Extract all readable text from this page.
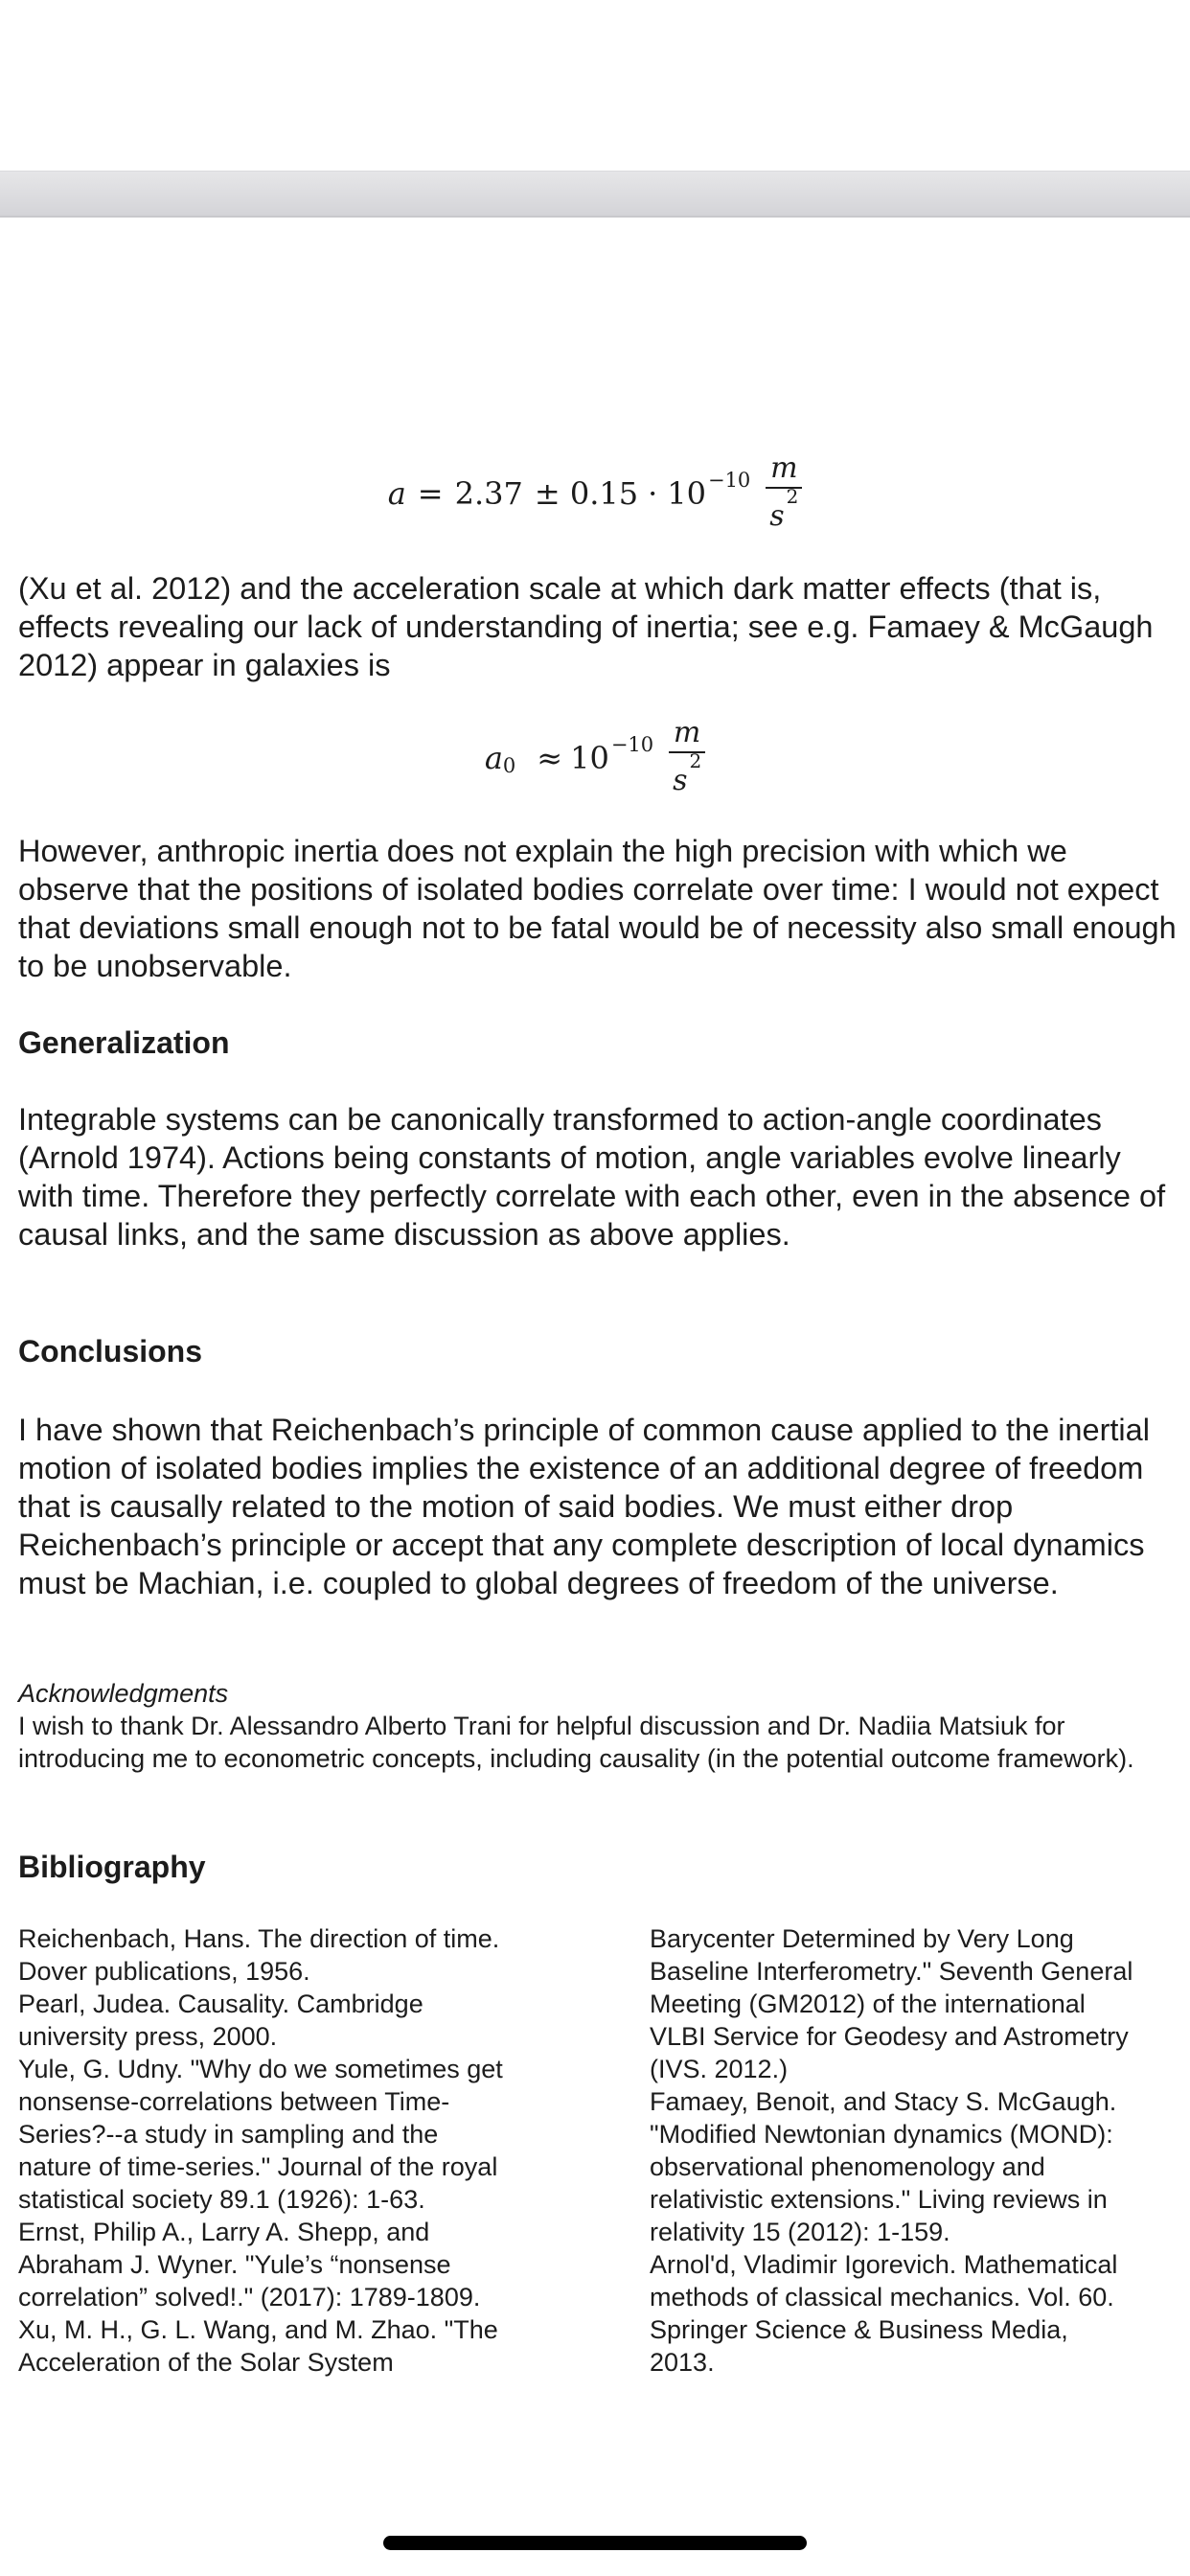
$a = 2.37 \pm 0.15 \cdot 10^{-10} \frac{m}{s^2}$

(Xu et al. 2012) and the acceleration scale at which dark matter effects (that is, effects revealing our lack of understanding of inertia; see e.g. Famaey & McGaugh 2012) appear in galaxies is

$a_0 \approx 10^{-10} \frac{m}{s^2}$

However, anthropic inertia does not explain the high precision with which we observe that the positions of isolated bodies correlate over time: I would not expect that deviations small enough not to be fatal would be of necessity also small enough to be unobservable.

Generalization

Integrable systems can be canonically transformed to action-angle coordinates (Arnold 1974). Actions being constants of motion, angle variables evolve linearly with time. Therefore they perfectly correlate with each other, even in the absence of causal links, and the same discussion as above applies.

Conclusions

I have shown that Reichenbach’s principle of common cause applied to the inertial motion of isolated bodies implies the existence of an additional degree of freedom that is causally related to the motion of said bodies. We must either drop Reichenbach’s principle or accept that any complete description of local dynamics must be Machian, i.e. coupled to global degrees of freedom of the universe.

Acknowledgments

I wish to thank Dr. Alessandro Alberto Trani for helpful discussion and Dr. Nadiia Matsiuk for introducing me to econometric concepts, including causality (in the potential outcome framework).

Bibliography
Reichenbach, Hans. The direction of time.
Dover publications, 1956.
Pearl, Judea. Causality. Cambridge
university press, 2000.
Yule, G. Udny. "Why do we sometimes get
nonsense-correlations between Time-
Series?--a study in sampling and the
nature of time-series." Journal of the royal
statistical society 89.1 (1926): 1-63.
Ernst, Philip A., Larry A. Shepp, and
Abraham J. Wyner. "Yule’s “nonsense
correlation” solved!." (2017): 1789-1809.
Xu, M. H., G. L. Wang, and M. Zhao. "The
Acceleration of the Solar System
Barycenter Determined by Very Long
Baseline Interferometry." Seventh General
Meeting (GM2012) of the international
VLBI Service for Geodesy and Astrometry
(IVS. 2012.)
Famaey, Benoit, and Stacy S. McGaugh.
"Modified Newtonian dynamics (MOND):
observational phenomenology and
relativistic extensions." Living reviews in
relativity 15 (2012): 1-159.
Arnol'd, Vladimir Igorevich. Mathematical
methods of classical mechanics. Vol. 60.
Springer Science & Business Media,
2013.
